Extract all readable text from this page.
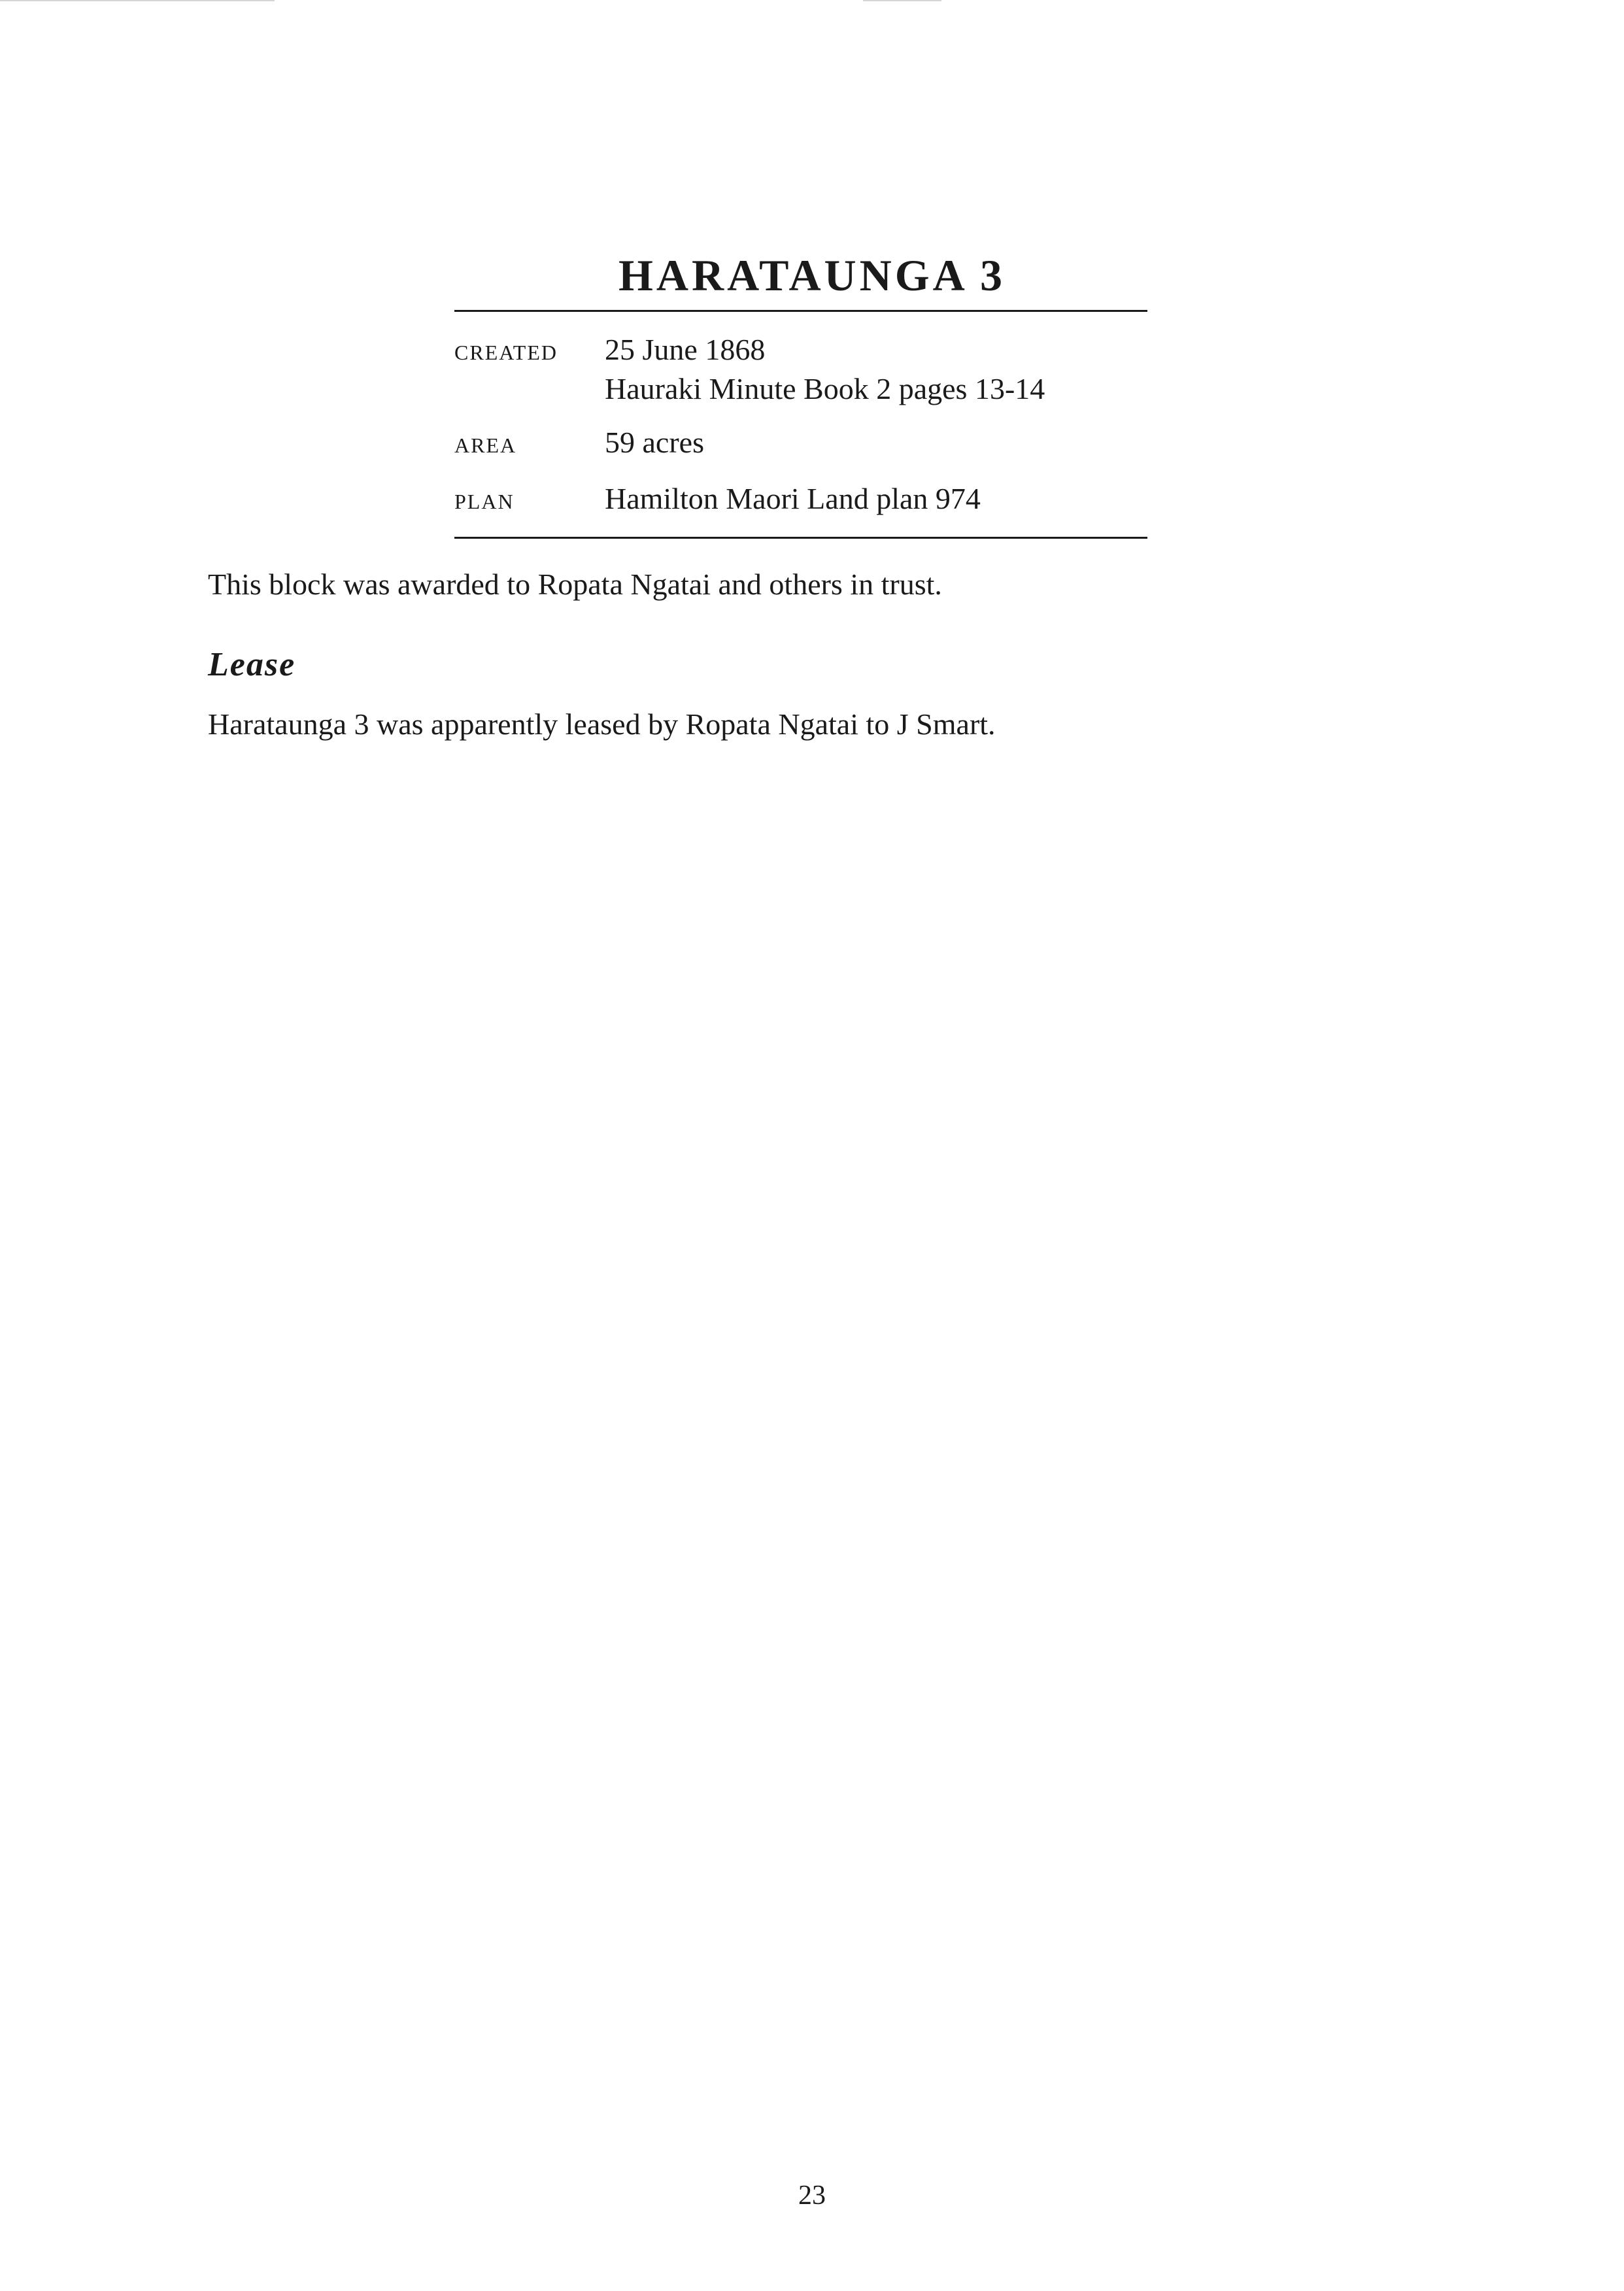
HARATAUNGA 3
CREATED	25 June 1868
Hauraki Minute Book 2 pages 13-14
AREA	59 acres
PLAN	Hamilton Maori Land plan 974

This block was awarded to Ropata Ngatai and others in trust.

Lease

Harataunga 3 was apparently leased by Ropata Ngatai to J Smart.

23
